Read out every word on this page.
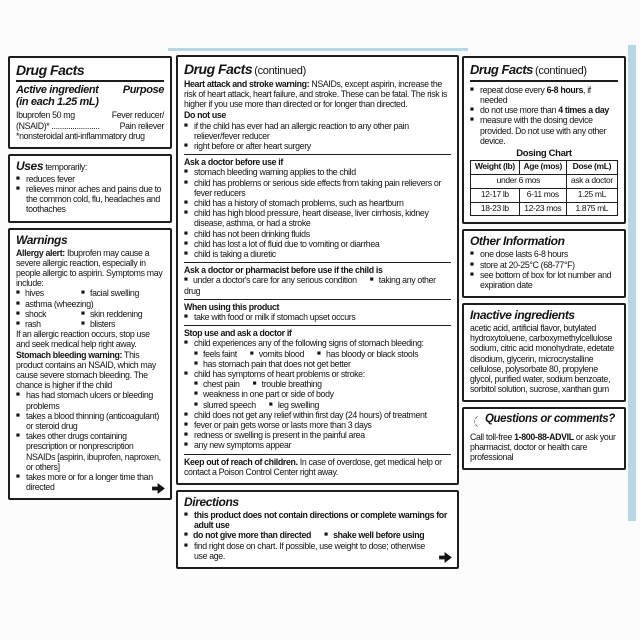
Drug Facts
Active ingredient Purpose
(in each 1.25 mL)
Ibuprofen 50 mg	Fever reducer/
(NSAID)* .......................	Pain reliever
*nonsteroidal anti-inflammatory drug
Uses temporarily:
■ reduces fever
■ relieves minor aches and pains due to the common cold, flu, headaches and toothaches
Warnings
Allergy alert: Ibuprofen may cause a severe allergic reaction, especially in people allergic to aspirin. Symptoms may include:
■ hives	■ facial swelling
■ asthma (wheezing)
■ shock	■ skin reddening
■ rash	■ blisters
If an allergic reaction occurs, stop use and seek medical help right away.
Stomach bleeding warning: This product contains an NSAID, which may cause severe stomach bleeding. The chance is higher if the child
■ has had stomach ulcers or bleeding problems
■ takes a blood thinning (anticoagulant) or steroid drug
■ takes other drugs containing prescription or nonprescription NSAIDs [aspirin, ibuprofen, naproxen, or others]
■ takes more or for a longer time than directed
Drug Facts (continued)
Heart attack and stroke warning: NSAIDs, except aspirin, increase the risk of heart attack, heart failure, and stroke. These can be fatal. The risk is higher if you use more than directed or for longer than directed.
Do not use
■ if the child has ever had an allergic reaction to any other pain reliever/fever reducer
■ right before or after heart surgery
Ask a doctor before use if
■ stomach bleeding warning applies to the child
■ child has problems or serious side effects from taking pain relievers or fever reducers
■ child has a history of stomach problems, such as heartburn
■ child has high blood pressure, heart disease, liver cirrhosis, kidney disease, asthma, or had a stroke
■ child has not been drinking fluids
■ child has lost a lot of fluid due to vomiting or diarrhea
■ child is taking a diuretic
Ask a doctor or pharmacist before use if the child is
■ under a doctor's care for any serious condition	■ taking any other drug
When using this product
■ take with food or milk if stomach upset occurs
Stop use and ask a doctor if
■ child experiences any of the following signs of stomach bleeding:
■ feels faint	■ vomits blood	■ has bloody or black stools
■ has stomach pain that does not get better
■ child has symptoms of heart problems or stroke:
■ chest pain	■ trouble breathing
■ weakness in one part or side of body
■ slurred speech	■ leg swelling
■ child does not get any relief within first day (24 hours) of treatment
■ fever or pain gets worse or lasts more than 3 days
■ redness or swelling is present in the painful area
■ any new symptoms appear
Keep out of reach of children. In case of overdose, get medical help or contact a Poison Control Center right away.
Directions
■ this product does not contain directions or complete warnings for adult use
■ do not give more than directed	■ shake well before using
■ find right dose on chart. If possible, use weight to dose; otherwise use age.
Drug Facts (continued)
■ repeat dose every 6-8 hours, if needed
■ do not use more than 4 times a day
■ measure with the dosing device provided. Do not use with any other device.
Dosing Chart
Weight (lb)	Age (mos)	Dose (mL)
under 6 mos		ask a doctor
12-17 lb	6-11 mos	1.25 mL
18-23 lb	12-23 mos	1.875 mL
Other Information
■ one dose lasts 6-8 hours
■ store at 20-25°C (68-77°F)
■ see bottom of box for lot number and expiration date
Inactive ingredients
acetic acid, artificial flavor, butylated hydroxytoluene, carboxymethylcellulose sodium, citric acid monohydrate, edetate disodium, glycerin, microcrystalline cellulose, polysorbate 80, propylene glycol, purified water, sodium benzoate, sorbitol solution, sucrose, xanthan gum
Questions or comments?
Call toll-free 1-800-88-ADVIL or ask your pharmacist, doctor or health care professional
